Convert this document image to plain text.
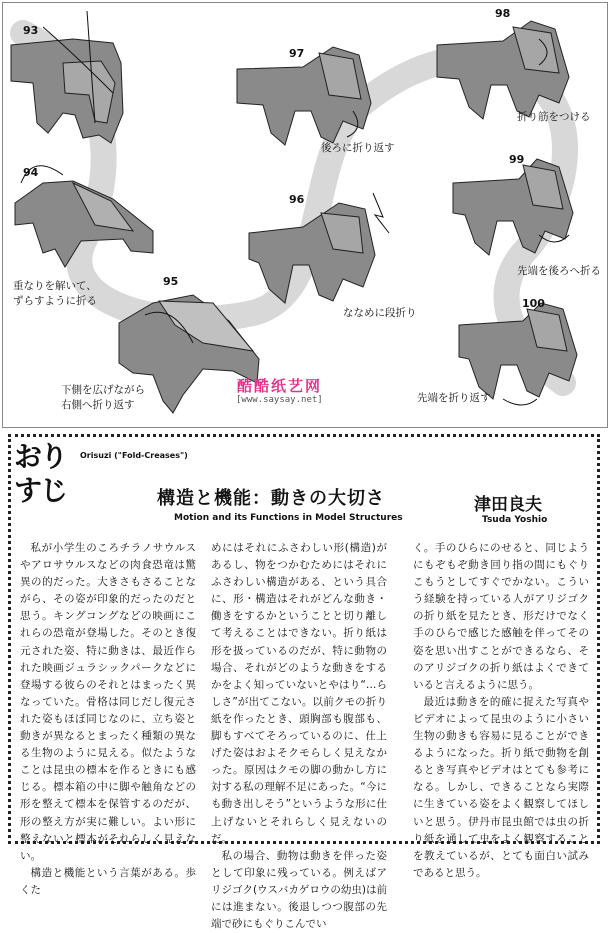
93
94
95
96
97
98
99
100
重なりを解いて、
ずらすように折る
下側を広げながら
右側へ折り返す
ななめに段折り
後ろに折り返す
折り筋をつける
先端を後ろへ折る
先端を折り返す
酷酷纸艺网
[www.saysay.net]
おり
すじ
Orisuzi ("Fold-Creases")
構造と機能：動きの大切さ
Motion and its Functions in Model Structures
津田良夫
Tsuda Yoshio

私が小学生のころチラノサウルスやアロサウルスなどの肉食恐竜は驚異の的だった。大きさもさることながら、その姿が印象的だったのだと思う。キングコングなどの映画にこれらの恐竜が登場した。そのとき復元された姿、特に動きは、最近作られた映画ジュラシックパークなどに登場する彼らのそれとはまったく異なっていた。骨格は同じだし復元された姿もほぼ同じなのに、立ち姿と動きが異なるとまったく種類の異なる生物のように見える。似たようなことは昆虫の標本を作るときにも感じる。標本箱の中に脚や触角などの形を整えて標本を保管するのだが、形の整え方が実に難しい。よい形に整えないと標本がそれらしく見えない。

構造と機能という言葉がある。歩くた

めにはそれにふさわしい形(構造)があるし、物をつかむためにはそれにふさわしい構造がある、という具合に、形・構造はそれがどんな動き・働きをするかということと切り離して考えることはできない。折り紙は形を扱っているのだが、特に動物の場合、それがどのような動きをするかをよく知っていないとやはり“…らしさ”が出てこない。以前クモの折り紙を作ったとき、頭胸部も腹部も、脚もすべてそろっているのに、仕上げた姿はおよそクモらしく見えなかった。原因はクモの脚の動かし方に対する私の理解不足にあった。“今にも動き出しそう”というような形に仕上げないとそれらしく見えないのだ。

私の場合、動物は動きを伴った姿として印象に残っている。例えばアリジゴク(ウスバカゲロウの幼虫)は前には進まない。後退しつつ腹部の先端で砂にもぐりこんでい

く。手のひらにのせると、同じようにもぞもぞ動き回り指の間にもぐりこもうとしてすぐでかない。こういう経験を持っている人がアリジゴクの折り紙を見たとき、形だけでなく手のひらで感じた感触を伴ってその姿を思い出すことができるなら、そのアリジゴクの折り紙はよくできていると言えるように思う。

最近は動きを的確に捉えた写真やビデオによって昆虫のように小さい生物の動きも容易に見ることができるようになった。折り紙で動物を創るとき写真やビデオはとても参考になる。しかし、できることなら実際に生きている姿をよく観察してほしいと思う。伊丹市昆虫館では虫の折り紙を通して虫をよく観察することを教えているが、とても面白い試みであると思う。
